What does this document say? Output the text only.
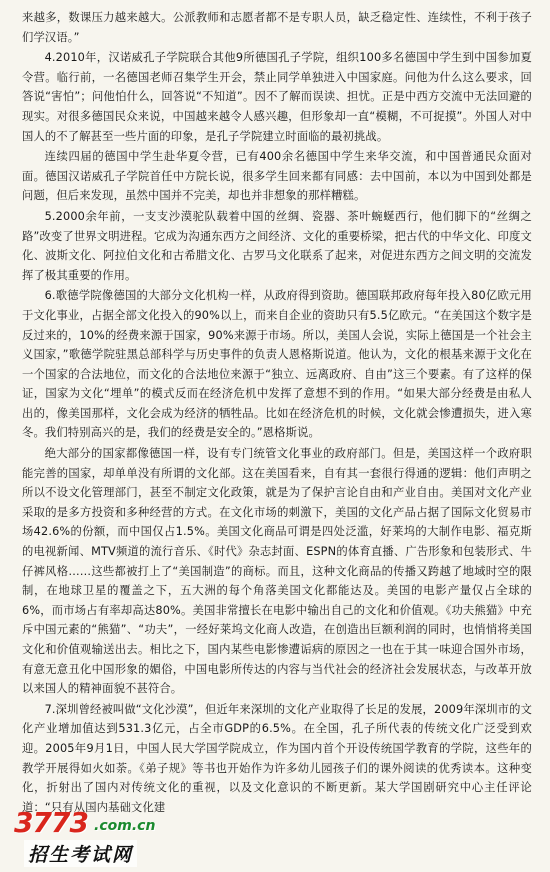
来越多，数课压力越来越大。公派教师和志愿者都不是专职人员，缺乏稳定性、连续性，不利于孩子们学汉语。”

4.2010年，汉诺威孔子学院联合其他9所德国孔子学院，组织100多名德国中学生到中国参加夏令营。临行前，一名德国老师召集学生开会，禁止同学单独进入中国家庭。问他为什么这么要求，回答说“害怕”；问他怕什么，回答说“不知道”。因不了解而误读、担忧。正是中西方交流中无法回避的现实。对很多德国民众来说，中国越来越令人感兴趣，但形象却一直“模糊，不可捉摸”。外国人对中国人的不了解甚至一些片面的印象，是孔子学院建立时面临的最初挑战。

连续四届的德国中学生赴华夏令营，已有400余名德国中学生来华交流，和中国普通民众面对面。德国汉诺威孔子学院首任中方院长说，很多学生回来都有同感：去中国前，本以为中国到处都是问题，但后来发现，虽然中国并不完美，却也并非想象的那样糟糕。

5.2000余年前，一支支沙漠驼队载着中国的丝绸、瓷器、茶叶蜿蜒西行，他们脚下的“丝绸之路”改变了世界文明进程。它成为沟通东西方之间经济、文化的重要桥梁，把古代的中华文化、印度文化、波斯文化、阿拉伯文化和古希腊文化、古罗马文化联系了起来，对促进东西方之间文明的交流发挥了极其重要的作用。

6.歌德学院像德国的大部分文化机构一样，从政府得到资助。德国联邦政府每年投入80亿欧元用于文化事业，占据全部文化投入的90%以上，而来自企业的资助只有5.5亿欧元。“在美国这个数字是反过来的，10%的经费来源于国家，90%来源于市场。所以，美国人会说，实际上德国是一个社会主义国家，”歌德学院驻黑总部科学与历史事件的负责人恩格斯说道。他认为，文化的根基来源于文化在一个国家的合法地位，而文化的合法地位来源于“独立、远离政府、自由”这三个要素。有了这样的保证，国家为文化“埋单”的模式反而在经济危机中发挥了意想不到的作用。“如果大部分经费是由私人出的，像美国那样，文化会成为经济的牺牲品。比如在经济危机的时候，文化就会惨遭损失，进入寒冬。我们特别高兴的是，我们的经费是安全的。”恩格斯说。

绝大部分的国家都像德国一样，设有专门统管文化事业的政府部门。但是，美国这样一个政府职能完善的国家，却单单没有所谓的文化部。这在美国看来，自有其一套很行得通的逻辑：他们声明之所以不设文化管理部门，甚至不制定文化政策，就是为了保护言论自由和产业自由。美国对文化产业采取的是多方投资和多种经营的方式。在文化市场的刺激下，美国的文化产品占据了国际文化贸易市场42.6%的份额，而中国仅占1.5%。美国文化商品可谓是四处泛滥，好莱坞的大制作电影、福克斯的电视新闻、MTV频道的流行音乐、《时代》杂志封面、ESPN的体育直播、广告形象和包装形式、牛仔裤风格……这些都被打上了“美国制造”的商标。而且，这种文化商品的传播又跨越了地域时空的限制，在地球卫星的覆盖之下，五大洲的每个角落美国文化都能达及。美国的电影产量仅占全球的6%，而市场占有率却高达80%。美国非常擅长在电影中输出自己的文化和价值观。《功夫熊猫》中充斥中国元素的“熊猫”、“功夫”，一经好莱坞文化商人改造，在创造出巨额利润的同时，也悄悄将美国文化和价值观输送出去。相比之下，国内某些电影惨遭诟病的原因之一也在于其一味迎合国外市场，有意无意丑化中国形象的媚俗，中国电影所传达的内容与当代社会的经济社会发展状态，与改革开放以来国人的精神面貌不甚符合。

7.深圳曾经被叫做“文化沙漠”，但近年来深圳的文化产业取得了长足的发展，2009年深圳市的文化产业增加值达到531.3亿元，占全市GDP的6.5%。在全国，孔子所代表的传统文化广泛受到欢迎。2005年9月1日，中国人民大学国学院成立，作为国内首个开设传统国学教育的学院，这些年的教学开展得如火如荼。《弟子规》等书也开始作为许多幼儿园孩子们的课外阅读的优秀读本。这种变化，折射出了国内对传统文化的重视，以及文化意识的不断更新。某大学国剧研究中心主任评论道：“只有从国内基础文化建

3773 .com.cn
招生考试网
